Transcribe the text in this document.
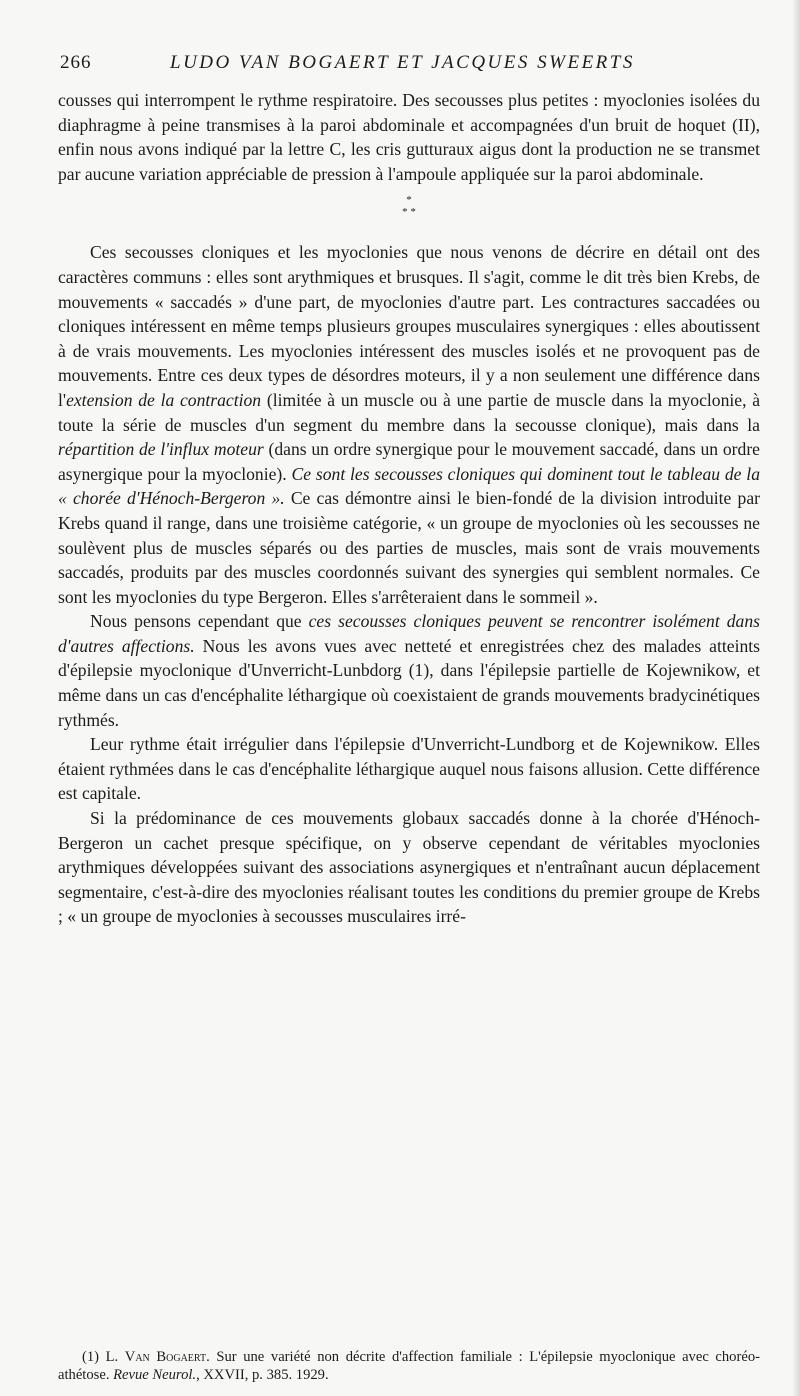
266	LUDO VAN BOGAERT ET JACQUES SWEERTS

cousses qui interrompent le rythme respiratoire. Des secousses plus petites : myoclonies isolées du diaphragme à peine transmises à la paroi abdominale et accompagnées d'un bruit de hoquet (II), enfin nous avons indiqué par la lettre C, les cris gutturaux aigus dont la production ne se transmet par aucune variation appréciable de pression à l'ampoule appliquée sur la paroi abdominale.

*
* *

Ces secousses cloniques et les myoclonies que nous venons de décrire en détail ont des caractères communs : elles sont arythmiques et brusques. Il s'agit, comme le dit très bien Krebs, de mouvements « saccadés » d'une part, de myoclonies d'autre part. Les contractures saccadées ou cloniques intéressent en même temps plusieurs groupes musculaires synergiques : elles aboutissent à de vrais mouvements. Les myoclonies intéressent des muscles isolés et ne provoquent pas de mouvements. Entre ces deux types de désordres moteurs, il y a non seulement une différence dans l'extension de la contraction (limitée à un muscle ou à une partie de muscle dans la myoclonie, à toute la série de muscles d'un segment du membre dans la secousse clonique), mais dans la répartition de l'influx moteur (dans un ordre synergique pour le mouvement saccadé, dans un ordre asynergique pour la myoclonie). Ce sont les secousses cloniques qui dominent tout le tableau de la « chorée d'Hénoch-Bergeron ». Ce cas démontre ainsi le bien-fondé de la division introduite par Krebs quand il range, dans une troisième catégorie, « un groupe de myoclonies où les secousses ne soulèvent plus de muscles séparés ou des parties de muscles, mais sont de vrais mouvements saccadés, produits par des muscles coordonnés suivant des synergies qui semblent normales. Ce sont les myoclonies du type Bergeron. Elles s'arrêteraient dans le sommeil ».

Nous pensons cependant que ces secousses cloniques peuvent se rencontrer isolément dans d'autres affections. Nous les avons vues avec netteté et enregistrées chez des malades atteints d'épilepsie myoclonique d'Unverricht-Lunbdorg (1), dans l'épilepsie partielle de Kojewnikow, et même dans un cas d'encéphalite léthargique où coexistaient de grands mouvements bradycinétiques rythmés.

Leur rythme était irrégulier dans l'épilepsie d'Unverricht-Lundborg et de Kojewnikow. Elles étaient rythmées dans le cas d'encéphalite léthargique auquel nous faisons allusion. Cette différence est capitale.

Si la prédominance de ces mouvements globaux saccadés donne à la chorée d'Hénoch-Bergeron un cachet presque spécifique, on y observe cependant de véritables myoclonies arythmiques développées suivant des associations asynergiques et n'entraînant aucun déplacement segmentaire, c'est-à-dire des myoclonies réalisant toutes les conditions du premier groupe de Krebs ; « un groupe de myoclonies à secousses musculaires irré-

(1) L. Van Bogaert. Sur une variété non décrite d'affection familiale : L'épilepsie myoclonique avec choréo-athétose. Revue Neurol., XXVII, p. 385. 1929.
